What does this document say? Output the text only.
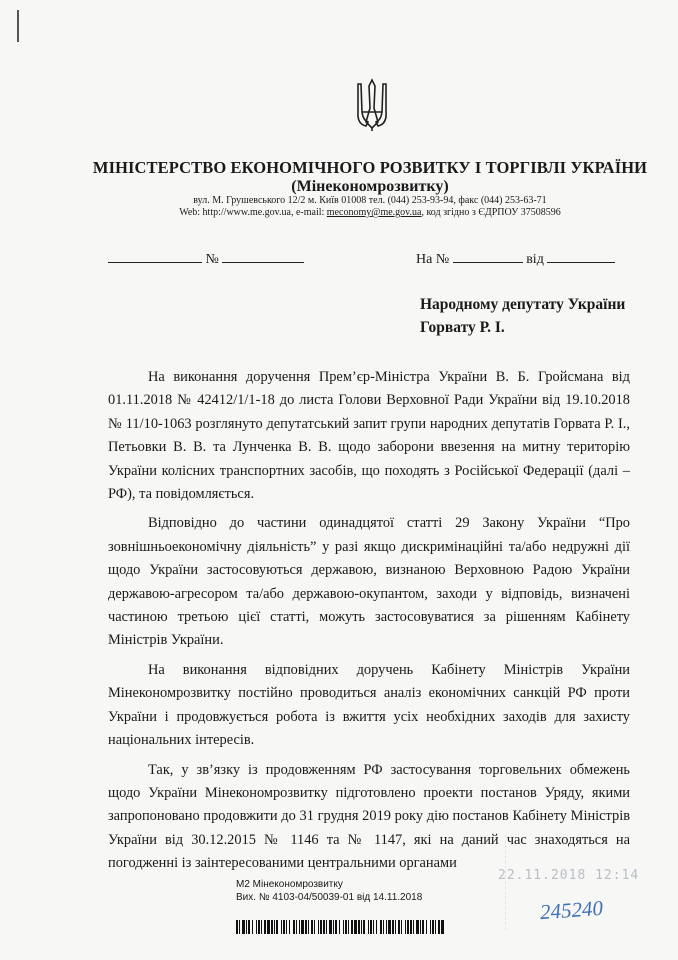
МІНІСТЕРСТВО ЕКОНОМІЧНОГО РОЗВИТКУ І ТОРГІВЛІ УКРАЇНИ
(Мінекономрозвитку)
вул. М. Грушевського 12/2 м. Київ 01008 тел. (044) 253-93-94, факс (044) 253-63-71
Web: http://www.me.gov.ua, e-mail: meconomy@me.gov.ua, код згідно з ЄДРПОУ 37508596
№	На №	від
Народному депутату України
Горвату Р. І.

На виконання доручення Прем’єр-Міністра України В. Б. Гройсмана від 01.11.2018 № 42412/1/1-18 до листа Голови Верховної Ради України від 19.10.2018 № 11/10-1063 розглянуто депутатський запит групи народних депутатів Горвата Р. І., Петьовки В. В. та Лунченка В. В. щодо заборони ввезення на митну територію України колісних транспортних засобів, що походять з Російської Федерації (далі – РФ), та повідомляється.

Відповідно до частини одинадцятої статті 29 Закону України “Про зовнішньоекономічну діяльність” у разі якщо дискримінаційні та/або недружні дії щодо України застосовуються державою, визнаною Верховною Радою України державою-агресором та/або державою-окупантом, заходи у відповідь, визначені частиною третьою цієї статті, можуть застосовуватися за рішенням Кабінету Міністрів України.

На виконання відповідних доручень Кабінету Міністрів України Мінекономрозвитку постійно проводиться аналіз економічних санкцій РФ проти України і продовжується робота із вжиття усіх необхідних заходів для захисту національних інтересів.

Так, у зв’язку із продовженням РФ застосування торговельних обмежень щодо України Мінекономрозвитку підготовлено проекти постанов Уряду, якими запропоновано продовжити до 31 грудня 2019 року дію постанов Кабінету Міністрів України від 30.12.2015 № 1146 та № 1147, які на даний час знаходяться на погодженні із заінтересованими центральними органами

22.11.2018 12:14
245240
М2 Мінекономрозвитку
Вих. № 4103-04/50039-01 від 14.11.2018
